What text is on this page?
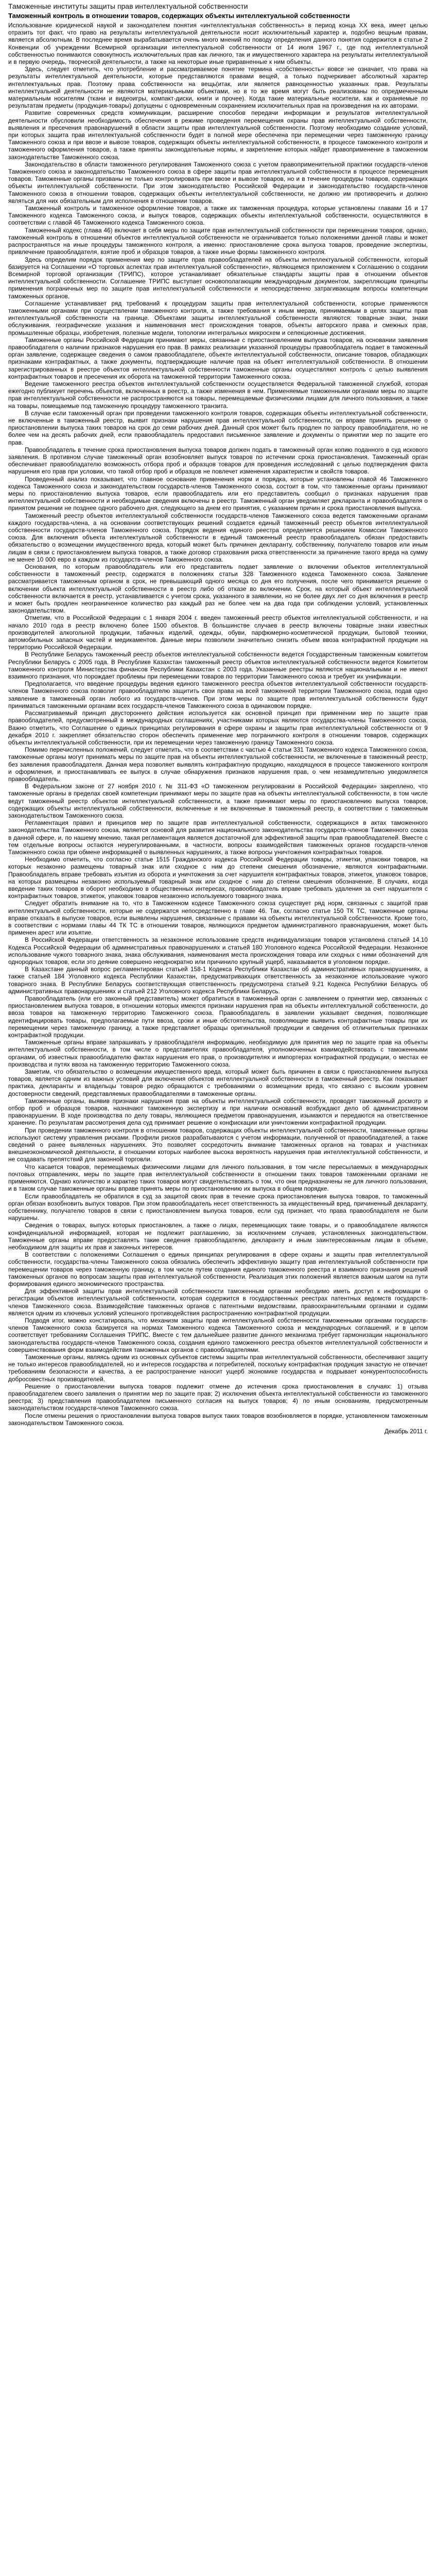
Таможенные институты защиты прав интеллектуальной собственности
Таможенный контроль в отношении товаров, содержащих объекты интеллектуальной собственности

Использование юридической наукой и законодателем понятия «интеллектуальная собственность» в период конца XX века, имеет целью отразить тот факт, что право на результаты интеллектуальной деятельности носит исключительный характер и, подобно вещным правам, является абсолютным. В последнее время вырабатывается очень много мнений по поводу определения данного понятия содержится в статье 2 Конвенции об учреждении Всемирной организации интеллектуальной собственности от 14 июля 1967 г., где под интеллектуальной собственностью понимаются совокупность исключительных прав как личного, так и имущественного характера на результаты интеллектуальной и в первую очередь, творческой деятельности, а также на некоторые иные приравненные к ним объекты.

Здесь, следует отметить, что употребление и рассматриваемое понятие термина «собственность» вовсе не означает, что права на результаты интеллектуальной деятельности, которые представляются правами вещей, а только подчеркивает абсолютный характер интеллектуальных прав. Поэтому права собственности на вещь(итак, или является равноценностью указанных прав. Результаты интеллектуальной деятельности не являются материальными объектами, но в то же время могут быть реализованы по опредмеченным материальным носителям (ткани и видеоигры, компакт-диски, книги и прочее). Когда такие материальные носители, как и охраняемые по результатам предметы (продукция-товары) допущены с одновременным сохранением исключительных прав на произведения на их авторами.

Развитие современных средств коммуникации, расширение способов передачи информации и результатов интеллектуальной деятельности обусловили необходимость обеспечения в режиме проведения перемещения охраны прав интеллектуальной собственности, выявления и пресечения правонарушений в области защиты прав интеллектуальной собственности. Поэтому необходимо создание условий, при которых защита прав интеллектуальной собственности будет в полной мере обеспечена при перемещении через таможенную границу Таможенного союза и при ввозе и вывозе товаров, содержащих объекты интеллектуальной собственности, в процессе таможенного контроля и таможенного оформления товаров, а также приняты законодательные нормы, и закрепление которых найдет правоприменение в таможенном законодательстве Таможенного союза.

Законодательство в области таможенного регулирования Таможенного союза с учетом правоприменительной практики государств-членов Таможенного союза и законодательство Таможенного союза в сфере защиты прав интеллектуальной собственности в процессе перемещения товаров. Таможенные органы призваны не только контролировать при ввозе и вывозе товаров, но и в течение процедуры товаров, содержащих объекты интеллектуальной собственности. При этом законодательство Российской Федерации и законодательство государств-членов Таможенного союза в отношении товаров, содержащих объекты интеллектуальной собственности, не должно им противоречить и должно являться для них обязательным для исполнения в отношении товаров.

Таможенный контроль и таможенное оформление товаров, а также их таможенная процедура, которые установлены главами 16 и 17 Таможенного кодекса Таможенного союза, и выпуск товаров, содержащих объекты интеллектуальной собственности, осуществляются в соответствии с главой 46 Таможенного кодекса Таможенного союза.

Таможенный кодекс (глава 46) включает в себя меры по защите прав интеллектуальной собственности при перемещении товаров, однако, таможенный контроль в отношении объектов интеллектуальной собственности не ограничивается только положениями данной главы и может распространяться на иные процедуры таможенного контроля, а именно: приостановление срока выпуска товаров, проведение экспертизы, привлечение правообладателя, взятие проб и образцов товаров, а также иные формы таможенного контроля.

Здесь определим порядок применения мер по защите прав правообладателей на объекты интеллектуальной собственности, который базируется на Соглашении «О торговых аспектах прав интеллектуальной собственности», являющемся приложением к Соглашению о создании Всемирной торговой организации (ТРИПС), которое устанавливает обязательные стандарты защиты прав в отношении объектов интеллектуальной собственности. Соглашение ТРИПС выступает основополагающим международным документом, закрепляющим принципы применения пограничных мер по защите прав интеллектуальной собственности и непосредственно затрагивающим вопросы компетенции таможенных органов.

Соглашение устанавливает ряд требований к процедурам защиты прав интеллектуальной собственности, которые применяются таможенными органами при осуществлении таможенного контроля, а также требования к иным мерам, принимаемым в целях защиты прав интеллектуальной собственности на границе. Объектами защиты интеллектуальной собственности являются: товарные знаки, знаки обслуживания, географические указания и наименования мест происхождения товаров, объекты авторского права и смежных прав, промышленные образцы, изобретения, полезные модели, топологии интегральных микросхем и селекционные достижения.

Таможенные органы Российской Федерации принимают меры, связанные с приостановлением выпуска товаров, на основании заявления правообладателя о наличии признаков нарушения его прав. В рамках реализации указанной процедуры правообладатель подает в таможенный орган заявление, содержащее сведения о самом правообладателе, объекте интеллектуальной собственности, описание товаров, обладающих признаками контрафактных, а также документы, подтверждающие наличие прав на объект интеллектуальной собственности. В отношении зарегистрированных в реестре объектов интеллектуальной собственности таможенные органы осуществляют контроль с целью выявления контрафактных товаров и пресечения их оборота на таможенной территории Таможенного союза.

Ведение таможенного реестра объектов интеллектуальной собственности осуществляется Федеральной таможенной службой, которая ежегодно публикует перечень объектов, включенных в реестр, а также изменения в нем. Применяемые таможенными органами меры по защите прав интеллектуальной собственности не распространяются на товары, перемещаемые физическими лицами для личного пользования, а также на товары, помещаемые под таможенную процедуру таможенного транзита.

В случае если таможенный орган при проведении таможенного контроля товаров, содержащих объекты интеллектуальной собственности, не включенные в таможенный реестр, выявит признаки нарушения прав интеллектуальной собственности, он вправе принять решение о приостановлении выпуска таких товаров на срок до семи рабочих дней. Данный срок может быть продлен по запросу правообладателя, но не более чем на десять рабочих дней, если правообладатель предоставил письменное заявление и документы о принятии мер по защите его прав.

Правообладатель в течение срока приостановления выпуска товаров должен подать в таможенный орган копию поданного в суд искового заявления. В противном случае таможенный орган возобновляет выпуск товаров по истечении срока приостановления. Таможенный орган обеспечивает правообладателю возможность отбора проб и образцов товаров для проведения исследований с целью подтверждения факта нарушения его прав при условии, что такой отбор проб и образцов не повлечет изменения характеристик и свойств товаров.

Проведенный анализ показывает, что главное основание применения норм и порядка, которые установлены главой 46 Таможенного кодекса Таможенного союза и законодательством государств-членов Таможенного союза, состоит в том, что таможенные органы принимают меры по приостановлению выпуска товаров, если правообладатель или его представитель сообщил о признаках нарушения прав интеллектуальной собственности и необходимые сведения включены в реестр. Таможенный орган уведомляет декларанта и правообладателя о принятом решении не позднее одного рабочего дня, следующего за днем его принятия, с указанием причин и срока приостановления выпуска.

Таможенный реестр объектов интеллектуальной собственности государств-членов Таможенного союза ведется таможенными органами каждого государства-члена, а на основании соответствующих решений создается единый таможенный реестр объектов интеллектуальной собственности государств-членов Таможенного союза. Порядок ведения единого реестра определяется решением Комиссии Таможенного союза. Для включения объекта интеллектуальной собственности в единый таможенный реестр правообладатель обязан предоставить обязательство о возмещении имущественного вреда, который может быть причинен декларанту, собственнику, получателю товаров или иным лицам в связи с приостановлением выпуска товаров, а также договор страхования риска ответственности за причинение такого вреда на сумму не менее 10 000 евро в каждом из государств-членов Таможенного союза.

Основания, по которым правообладатель или его представитель подает заявление о включении объектов интеллектуальной собственности в таможенный реестр, содержатся в положениях статьи 328 Таможенного кодекса Таможенного союза. Заявление рассматривается таможенным органом в срок, не превышающий одного месяца со дня его получения, после чего принимается решение о включении объекта интеллектуальной собственности в реестр либо об отказе во включении. Срок, на который объект интеллектуальной собственности включается в реестр, устанавливается с учетом срока, указанного в заявлении, но не более двух лет со дня включения в реестр и может быть продлен неограниченное количество раз каждый раз не более чем на два года при соблюдении условий, установленных законодательством.

Отметим, что в Российской Федерации с 1 января 2004 г. введен таможенный реестр объектов интеллектуальной собственности, и на начало 2010 года в реестр включено более 1500 объектов. В большинстве случаев в реестр включены товарные знаки известных производителей алкогольной продукции, табачных изделий, одежды, обуви, парфюмерно-косметической продукции, бытовой техники, автомобильных запасных частей и медикаментов. Данные меры позволили значительно снизить объем ввоза контрафактной продукции на территорию Российской Федерации.

В Республике Беларусь таможенный реестр объектов интеллектуальной собственности ведется Государственным таможенным комитетом Республики Беларусь с 2005 года. В Республике Казахстан таможенный реестр объектов интеллектуальной собственности ведется Комитетом таможенного контроля Министерства финансов Республики Казахстан с 2003 года. Указанные реестры являются национальными и не имеют взаимного признания, что порождает проблемы при перемещении товаров по территории Таможенного союза и требует их унификации.

Предполагается, что введение процедуры ведения единого таможенного реестра объектов интеллектуальной собственности государств-членов Таможенного союза позволит правообладателю защитить свои права на всей таможенной территории Таможенного союза, подав одно заявление в таможенный орган любого из государств-членов. При этом меры по защите прав интеллектуальной собственности будут приниматься таможенными органами всех государств-членов Таможенного союза в одинаковом порядке.

Рассматриваемый принцип двустороннего действия используется как основной принцип при применении мер по защите прав правообладателей, предусмотренный в международных соглашениях, участниками которых являются государства-члены Таможенного союза. Важно отметить, что Соглашение о единых принципах регулирования в сфере охраны и защиты прав интеллектуальной собственности от 9 декабря 2010 г. закрепляет обязательство сторон обеспечить применение мер пограничного контроля в отношении товаров, содержащих объекты интеллектуальной собственности, при их перемещении через таможенную границу Таможенного союза.

Помимо перечисленных положений, следует отметить, что в соответствии с частью 4 статьи 331 Таможенного кодекса Таможенного союза, таможенные органы могут принимать меры по защите прав на объекты интеллектуальной собственности, не включенные в таможенный реестр, без заявления правообладателя. Данная мера позволяет выявлять контрафактную продукцию, находящуюся в процессе таможенного контроля и оформления, и приостанавливать ее выпуск в случае обнаружения признаков нарушения прав, о чем незамедлительно уведомляется правообладатель.

В Федеральном законе от 27 ноября 2010 г. № 311-ФЗ «О таможенном регулировании в Российской Федерации» закреплено, что таможенные органы в пределах своей компетенции принимают меры по защите прав на объекты интеллектуальной собственности, в том числе ведут таможенный реестр объектов интеллектуальной собственности, а также принимают меры по приостановлению выпуска товаров, содержащих объекты интеллектуальной собственности, включенные и не включенные в таможенный реестр, в соответствии с таможенным законодательством Таможенного союза.

Регламентация правил и принципов мер по защите прав интеллектуальной собственности, содержащихся в актах таможенного законодательства Таможенного союза, является основой для развития национального законодательства государств-членов Таможенного союза в данной сфере, и, по нашему мнению, такая регламентация является достаточной для эффективной защиты прав правообладателей. Вместе с тем отдельные вопросы остаются неурегулированными, в частности, вопросы взаимодействия таможенных органов государств-членов Таможенного союза при обмене информацией о выявленных нарушениях, а также вопросы уничтожения контрафактных товаров.

Необходимо отметить, что согласно статье 1515 Гражданского кодекса Российской Федерации товары, этикетки, упаковки товаров, на которых незаконно размещены товарный знак или сходное с ним до степени смешения обозначение, являются контрафактными. Правообладатель вправе требовать изъятия из оборота и уничтожения за счет нарушителя контрафактных товаров, этикеток, упаковок товаров, на которых размещены незаконно используемый товарный знак или сходное с ним до степени смешения обозначение. В случаях, когда введение таких товаров в оборот необходимо в общественных интересах, правообладатель вправе требовать удаления за счет нарушителя с контрафактных товаров, этикеток, упаковок товаров незаконно используемого товарного знака.

Следует обратить внимание на то, что в Таможенном кодексе Таможенного союза существует ряд норм, связанных с защитой прав интеллектуальной собственности, которые не содержатся непосредственно в главе 46. Так, согласно статье 150 ТК ТС, таможенные органы вправе отказать в выпуске товаров, если выявлены нарушения, связанные с правами на объекты интеллектуальной собственности. Кроме того, в соответствии с нормами главы 44 ТК ТС в отношении товаров, являющихся предметом административного правонарушения, может быть применен арест или изъятие.

В Российской Федерации ответственность за незаконное использование средств индивидуализации товаров установлена статьей 14.10 Кодекса Российской Федерации об административных правонарушениях и статьей 180 Уголовного кодекса Российской Федерации. Незаконное использование чужого товарного знака, знака обслуживания, наименования места происхождения товара или сходных с ними обозначений для однородных товаров, если это деяние совершено неоднократно или причинило крупный ущерб, наказывается в уголовном порядке.

В Казахстане данный вопрос регламентирован статьей 158-1 Кодекса Республики Казахстан об административных правонарушениях, а также статьей 184 Уголовного кодекса Республики Казахстан, предусматривающих ответственность за незаконное использование чужого товарного знака. В Республике Беларусь соответствующая ответственность предусмотрена статьей 9.21 Кодекса Республики Беларусь об административных правонарушениях и статьей 212 Уголовного кодекса Республики Беларусь.

Правообладатель (или его законный представитель) может обратиться в таможенный орган с заявлением о принятии мер, связанных с приостановлением выпуска товаров, в отношении которых имеются признаки нарушения прав на объекты интеллектуальной собственности, до ввоза товаров на таможенную территорию Таможенного союза. Правообладатель в заявлении указывает сведения, позволяющие идентифицировать товары, предполагаемые пути ввоза, сроки и иные обстоятельства, позволяющие выявить контрафактные товары при их перемещении через таможенную границу, а также представляет образцы оригинальной продукции и сведения об отличительных признаках контрафактной продукции.

Таможенные органы вправе запрашивать у правообладателя информацию, необходимую для принятия мер по защите прав на объекты интеллектуальной собственности, в том числе о представителях правообладателя, уполномоченных взаимодействовать с таможенными органами, об известных правообладателю фактах нарушения его прав, о производителях и импортерах контрафактной продукции, о местах ее производства и путях ввоза на таможенную территорию Таможенного союза.

Заметим, что обязательство о возмещении имущественного вреда, который может быть причинен в связи с приостановлением выпуска товаров, является одним из важных условий для включения объектов интеллектуальной собственности в таможенный реестр. Как показывает практика, декларанты и владельцы товаров редко обращаются с требованиями о возмещении вреда, что связано с высоким уровнем достоверности сведений, представляемых правообладателями в таможенные органы.

Таможенные органы, выявив признаки нарушения прав на объекты интеллектуальной собственности, проводят таможенный досмотр и отбор проб и образцов товаров, назначают таможенную экспертизу и при наличии оснований возбуждают дело об административном правонарушении. В ходе производства по делу товары, являющиеся предметом правонарушения, изымаются и передаются на ответственное хранение. По результатам рассмотрения дела суд принимает решение о конфискации или уничтожении контрафактной продукции.

При проведении таможенного контроля в отношении товаров, содержащих объекты интеллектуальной собственности, таможенные органы используют систему управления рисками. Профили рисков разрабатываются с учетом информации, полученной от правообладателей, а также сведений о ранее выявленных нарушениях. Это позволяет сосредоточить внимание таможенных органов на товарах и участниках внешнеэкономической деятельности, в отношении которых наиболее высока вероятность нарушения прав интеллектуальной собственности, и не создавать препятствий для законной торговли.

Что касается товаров, перемещаемых физическими лицами для личного пользования, в том числе пересылаемых в международных почтовых отправлениях, меры по защите прав интеллектуальной собственности в отношении таких товаров таможенными органами не применяются. Однако количество и характер таких товаров могут свидетельствовать о том, что они предназначены не для личного пользования, и в таком случае таможенные органы вправе принять меры по приостановлению их выпуска в общем порядке.

Если правообладатель не обратился в суд за защитой своих прав в течение срока приостановления выпуска товаров, то таможенный орган обязан возобновить выпуск товаров. При этом правообладатель несет ответственность за имущественный вред, причиненный декларанту, собственнику, получателю товаров в связи с приостановлением выпуска товаров, если суд признает, что права правообладателя не были нарушены.

Сведения о товарах, выпуск которых приостановлен, а также о лицах, перемещающих такие товары, и о правообладателе являются конфиденциальной информацией, которая не подлежит разглашению, за исключением случаев, установленных законодательством. Таможенные органы вправе предоставлять такие сведения правообладателю, декларанту и иным заинтересованным лицам в объеме, необходимом для защиты их прав и законных интересов.

В соответствии с положениями Соглашения о единых принципах регулирования в сфере охраны и защиты прав интеллектуальной собственности, государства-члены Таможенного союза обязались обеспечить эффективную защиту прав интеллектуальной собственности при перемещении товаров через таможенную границу, в том числе путем создания единого таможенного реестра и взаимного признания решений таможенных органов по вопросам защиты прав интеллектуальной собственности. Реализация этих положений является важным шагом на пути формирования единого экономического пространства.

Для эффективной защиты прав интеллектуальной собственности таможенным органам необходимо иметь доступ к информации о регистрации объектов интеллектуальной собственности, которая содержится в государственных реестрах патентных ведомств государств-членов Таможенного союза. Взаимодействие таможенных органов с патентными ведомствами, правоохранительными органами и судами является одним из ключевых условий успешного противодействия распространению контрафактной продукции.

Подводя итог, можно констатировать, что механизм защиты прав интеллектуальной собственности таможенными органами государств-членов Таможенного союза базируется на нормах Таможенного кодекса Таможенного союза и международных соглашений, и в целом соответствует требованиям Соглашения ТРИПС. Вместе с тем дальнейшее развитие данного механизма требует гармонизации национального законодательства государств-членов Таможенного союза, создания единого таможенного реестра объектов интеллектуальной собственности и совершенствования форм взаимодействия таможенных органов с правообладателями.

Таможенные органы, являясь одним из основных субъектов системы защиты прав интеллектуальной собственности, обеспечивают защиту не только интересов правообладателей, но и интересов государства и потребителей, поскольку контрафактная продукция зачастую не отвечает требованиям безопасности и качества, а ее распространение наносит ущерб экономике государства и подрывает конкурентоспособность добросовестных производителей.

Решение о приостановлении выпуска товаров подлежит отмене до истечения срока приостановления в случаях: 1) отзыва правообладателем своего заявления о принятии мер по защите прав; 2) исключения объекта интеллектуальной собственности из таможенного реестра; 3) представления правообладателем письменного согласия на выпуск товаров; 4) по иным основаниям, предусмотренным законодательством государств-членов Таможенного союза.

После отмены решения о приостановлении выпуска товаров выпуск таких товаров возобновляется в порядке, установленном таможенным законодательством Таможенного союза.

Декабрь 2011 г.
